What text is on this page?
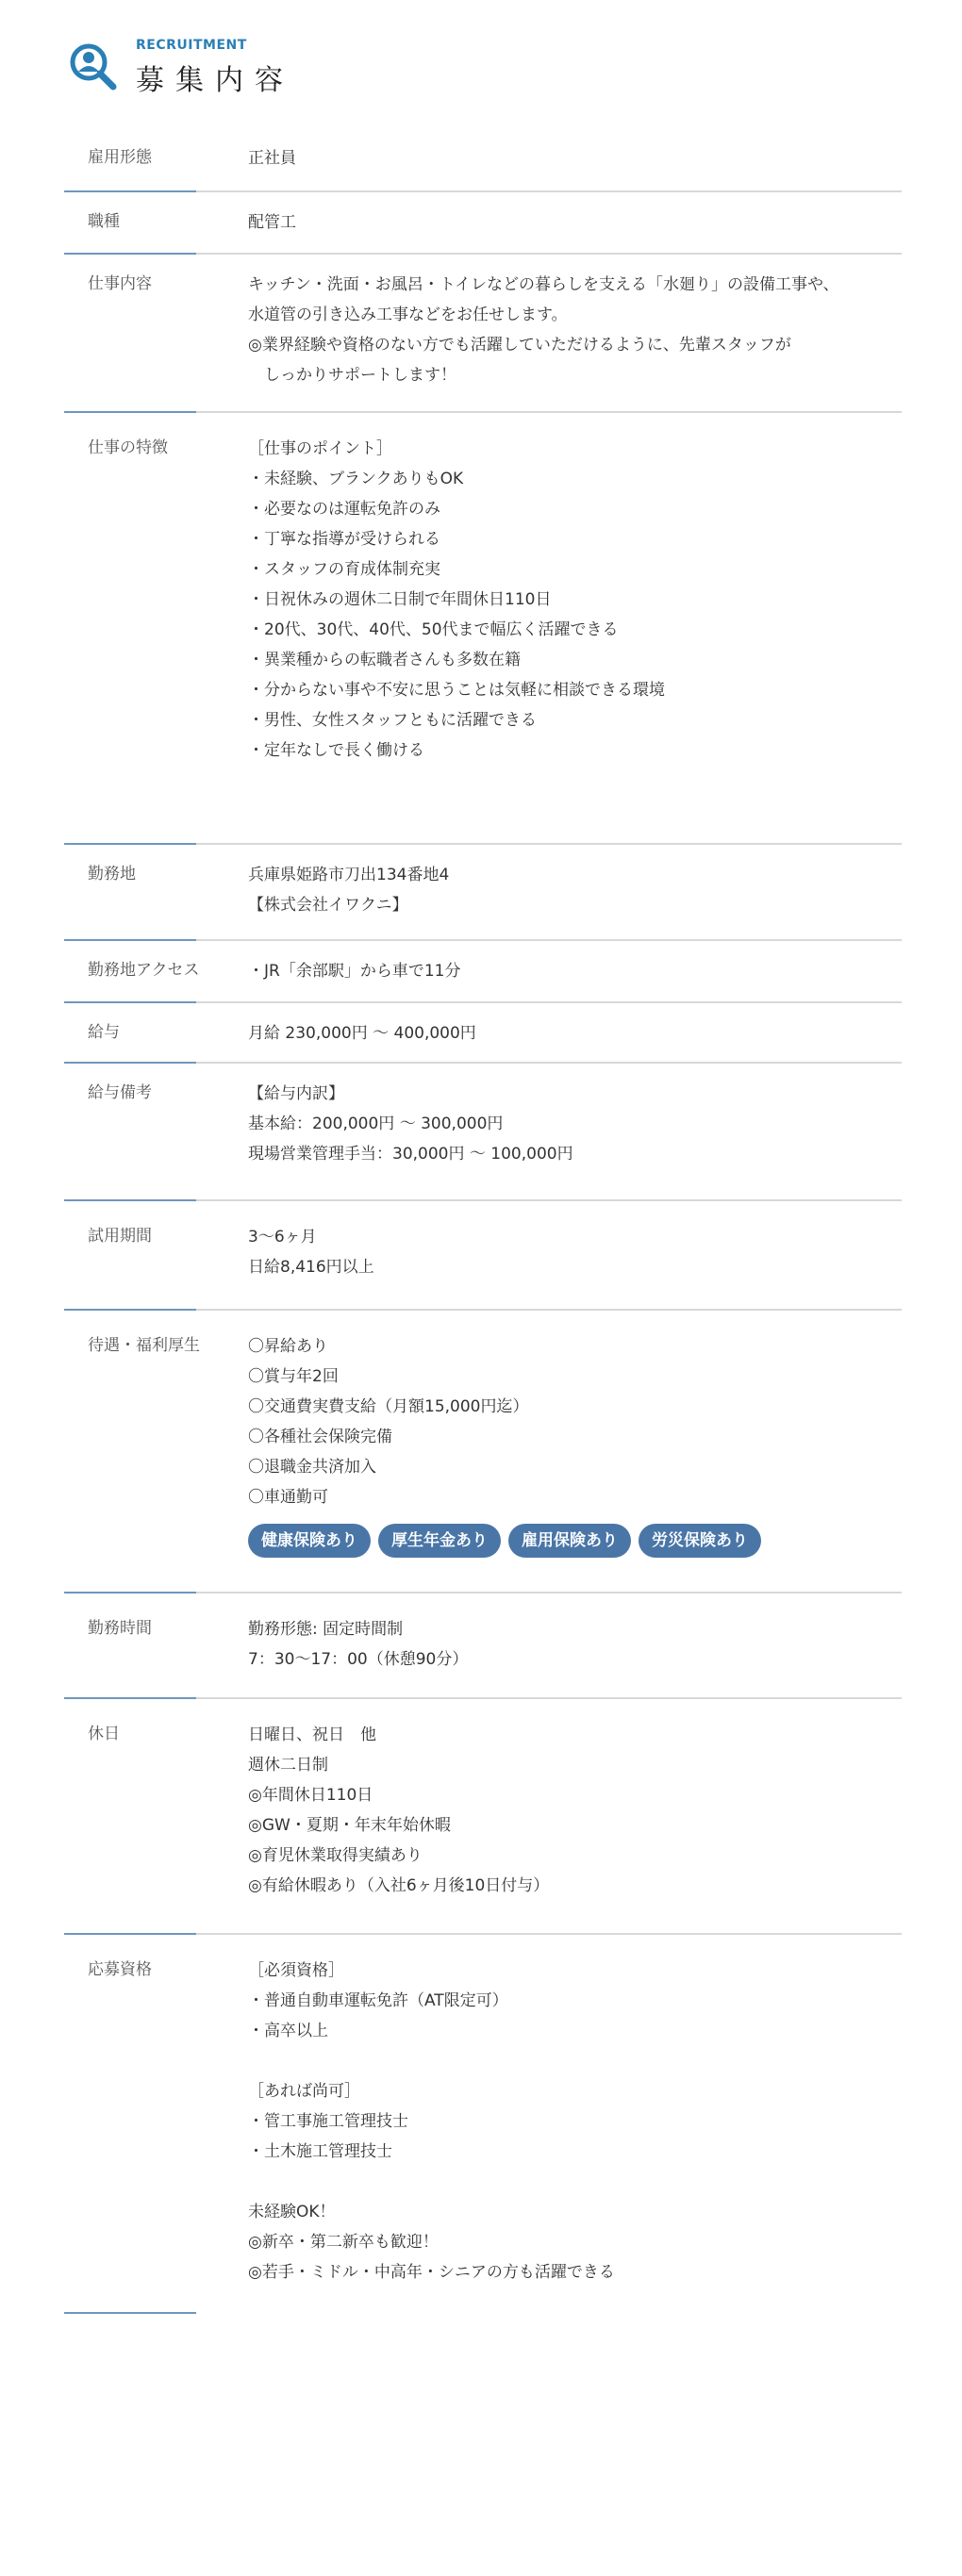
RECRUITMENT
募集内容
雇用形態	正社員
職種	配管工
仕事内容	キッチン・洗面・お風呂・トイレなどの暮らしを支える「水廻り」の設備工事や、
水道管の引き込み工事などをお任せします。
◎業界経験や資格のない方でも活躍していただけるように、先輩スタッフが
　しっかりサポートします！
仕事の特徴	［仕事のポイント］
・未経験、ブランクありもOK
・必要なのは運転免許のみ
・丁寧な指導が受けられる
・スタッフの育成体制充実
・日祝休みの週休二日制で年間休日110日
・20代、30代、40代、50代まで幅広く活躍できる
・異業種からの転職者さんも多数在籍
・分からない事や不安に思うことは気軽に相談できる環境
・男性、女性スタッフともに活躍できる
・定年なしで長く働ける
勤務地	兵庫県姫路市刀出134番地4
【株式会社イワクニ】
勤務地アクセス	・JR「余部駅」から車で11分
給与	月給 230,000円 〜 400,000円
給与備考	【給与内訳】
基本給：200,000円 〜 300,000円
現場営業管理手当：30,000円 〜 100,000円
試用期間	3〜6ヶ月
日給8,416円以上
待遇・福利厚生	〇昇給あり
〇賞与年2回
〇交通費実費支給（月額15,000円迄）
〇各種社会保険完備
〇退職金共済加入
〇車通勤可
健康保険あり	厚生年金あり	雇用保険あり	労災保険あり
勤務時間	勤務形態: 固定時間制
7：30〜17：00（休憩90分）
休日	日曜日、祝日　他
週休二日制
◎年間休日110日
◎GW・夏期・年末年始休暇
◎育児休業取得実績あり
◎有給休暇あり（入社6ヶ月後10日付与）
応募資格	［必須資格］
・普通自動車運転免許（AT限定可）
・高卒以上
［あれば尚可］
・管工事施工管理技士
・土木施工管理技士
未経験OK！
◎新卒・第二新卒も歓迎！
◎若手・ミドル・中高年・シニアの方も活躍できる
